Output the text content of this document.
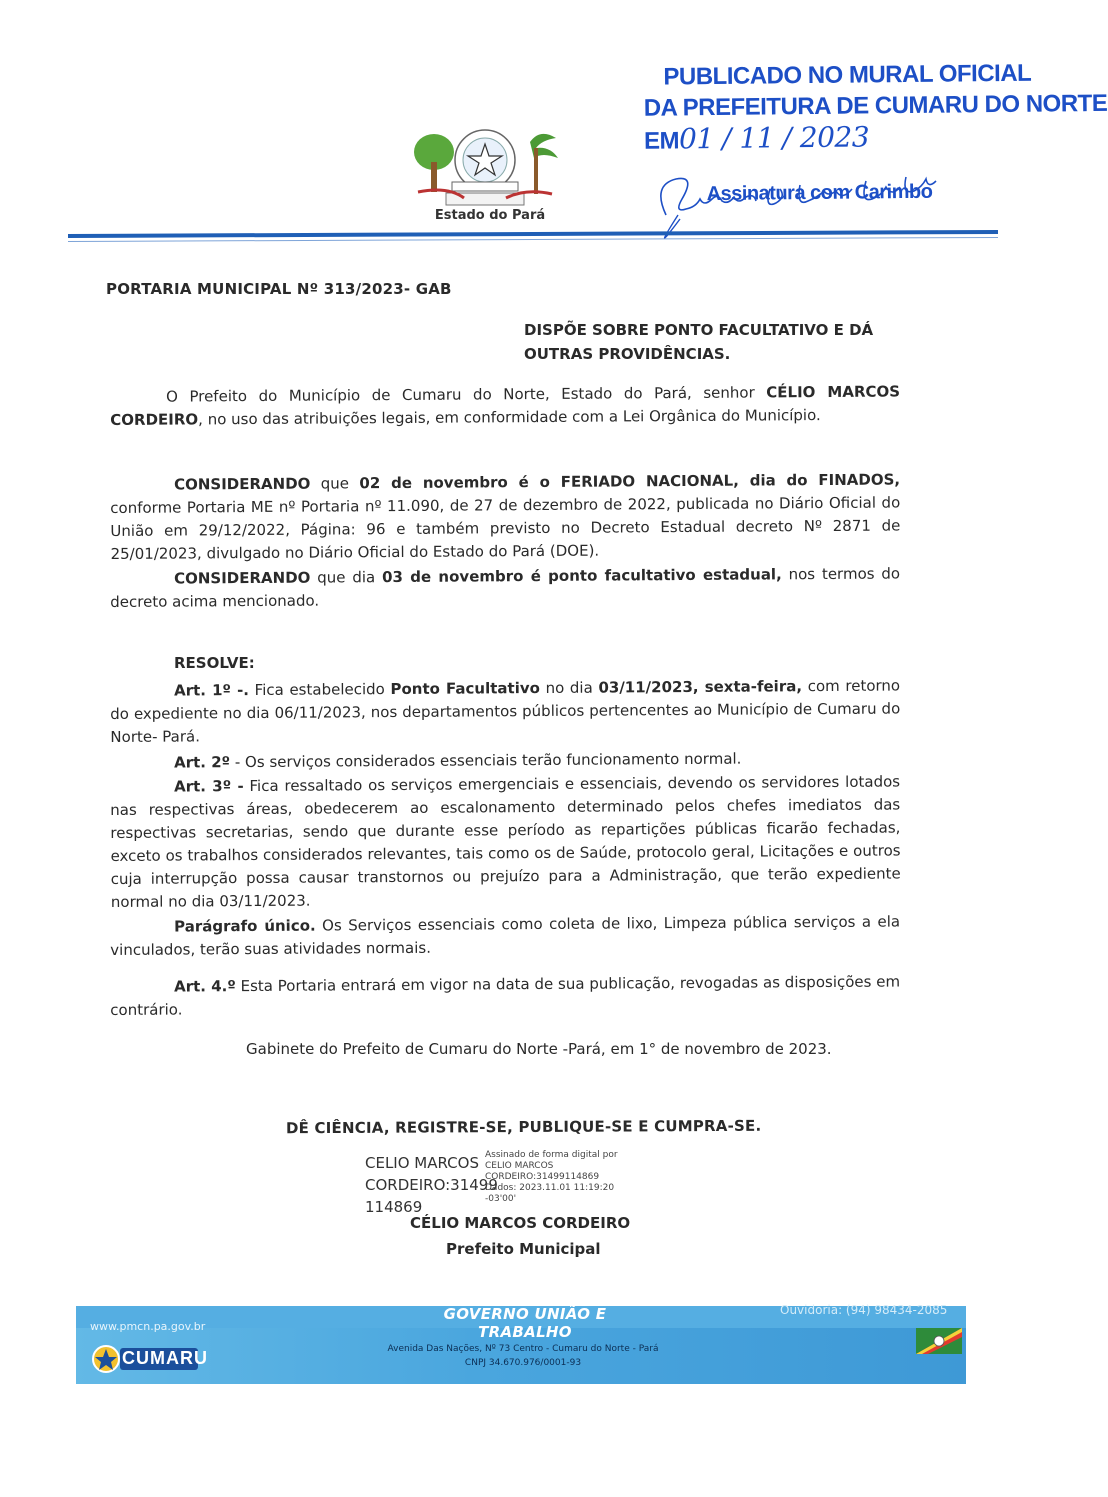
Estado do Pará
PUBLICADO NO MURAL OFICIAL
DA PREFEITURA DE CUMARU DO NORTE
EM01 / 11 / 2023
Assinatura com Carimbo
PORTARIA MUNICIPAL Nº 313/2023- GAB
DISPÕE SOBRE PONTO FACULTATIVO E DÁ OUTRAS PROVIDÊNCIAS.
O Prefeito do Município de Cumaru do Norte, Estado do Pará, senhor CÉLIO MARCOS CORDEIRO, no uso das atribuições legais, em conformidade com a Lei Orgânica do Município.
CONSIDERANDO que 02 de novembro é o FERIADO NACIONAL, dia do FINADOS, conforme Portaria ME nº Portaria nº 11.090, de 27 de dezembro de 2022, publicada no Diário Oficial do União em 29/12/2022, Página: 96 e também previsto no Decreto Estadual decreto Nº 2871 de 25/01/2023, divulgado no Diário Oficial do Estado do Pará (DOE).
CONSIDERANDO que dia 03 de novembro é ponto facultativo estadual, nos termos do decreto acima mencionado.
RESOLVE:
Art. 1º -. Fica estabelecido Ponto Facultativo no dia 03/11/2023, sexta-feira, com retorno do expediente no dia 06/11/2023, nos departamentos públicos pertencentes ao Município de Cumaru do Norte- Pará.
Art. 2º - Os serviços considerados essenciais terão funcionamento normal.
Art. 3º - Fica ressaltado os serviços emergenciais e essenciais, devendo os servidores lotados nas respectivas áreas, obedecerem ao escalonamento determinado pelos chefes imediatos das respectivas secretarias, sendo que durante esse período as repartições públicas ficarão fechadas, exceto os trabalhos considerados relevantes, tais como os de Saúde, protocolo geral, Licitações e outros cuja interrupção possa causar transtornos ou prejuízo para a Administração, que terão expediente normal no dia 03/11/2023.
Parágrafo único. Os Serviços essenciais como coleta de lixo, Limpeza pública serviços a ela vinculados, terão suas atividades normais.
Art. 4.º Esta Portaria entrará em vigor na data de sua publicação, revogadas as disposições em contrário.
Gabinete do Prefeito de Cumaru do Norte -Pará, em 1° de novembro de 2023.
DÊ CIÊNCIA, REGISTRE-SE, PUBLIQUE-SE E CUMPRA-SE.
CELIO MARCOS
CORDEIRO:31499
114869
Assinado de forma digital por
CELIO MARCOS
CORDEIRO:31499114869
Dados: 2023.11.01 11:19:20
-03'00'
CÉLIO MARCOS CORDEIRO
Prefeito Municipal
GOVERNO UNIÃO E TRABALHO
Ouvidoria: (94) 98434-2085
www.pmcn.pa.gov.br
Avenida Das Nações, Nº 73 Centro - Cumaru do Norte - Pará
CNPJ 34.670.976/0001-93
CUMARU
